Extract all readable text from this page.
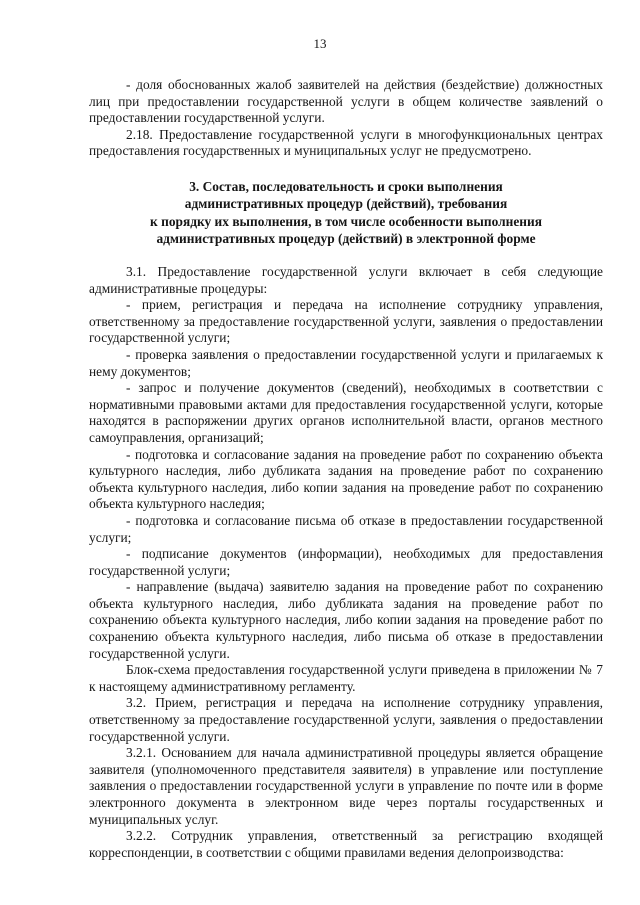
13

- доля обоснованных жалоб заявителей на действия (бездействие) должностных лиц при предоставлении государственной услуги в общем количестве заявлений о предоставлении государственной услуги.

2.18. Предоставление государственной услуги в многофункциональных центрах предоставления государственных и муниципальных услуг не предусмотрено.

3. Состав, последовательность и сроки выполнения
административных процедур (действий), требования
к порядку их выполнения, в том числе особенности выполнения
административных процедур (действий) в электронной форме

3.1. Предоставление государственной услуги включает в себя следующие административные процедуры:

- прием, регистрация и передача на исполнение сотруднику управления, ответственному за предоставление государственной услуги, заявления о предоставлении государственной услуги;

- проверка заявления о предоставлении государственной услуги и прилагаемых к нему документов;

- запрос и получение документов (сведений), необходимых в соответствии с нормативными правовыми актами для предоставления государственной услуги, которые находятся в распоряжении других органов исполнительной власти, органов местного самоуправления, организаций;

- подготовка и согласование задания на проведение работ по сохранению объекта культурного наследия, либо дубликата задания на проведение работ по сохранению объекта культурного наследия, либо копии задания на проведение работ по сохранению объекта культурного наследия;

- подготовка и согласование письма об отказе в предоставлении государственной услуги;

- подписание документов (информации), необходимых для предоставления государственной услуги;

- направление (выдача) заявителю задания на проведение работ по сохранению объекта культурного наследия, либо дубликата задания на проведение работ по сохранению объекта культурного наследия, либо копии задания на проведение работ по сохранению объекта культурного наследия, либо письма об отказе в предоставлении государственной услуги.

Блок-схема предоставления государственной услуги приведена в приложении № 7 к настоящему административному регламенту.

3.2. Прием, регистрация и передача на исполнение сотруднику управления, ответственному за предоставление государственной услуги, заявления о предоставлении государственной услуги.

3.2.1. Основанием для начала административной процедуры является обращение заявителя (уполномоченного представителя заявителя) в управление или поступление заявления о предоставлении государственной услуги в управление по почте или в форме электронного документа в электронном виде через порталы государственных и муниципальных услуг.

3.2.2. Сотрудник управления, ответственный за регистрацию входящей корреспонденции, в соответствии с общими правилами ведения делопроизводства:
